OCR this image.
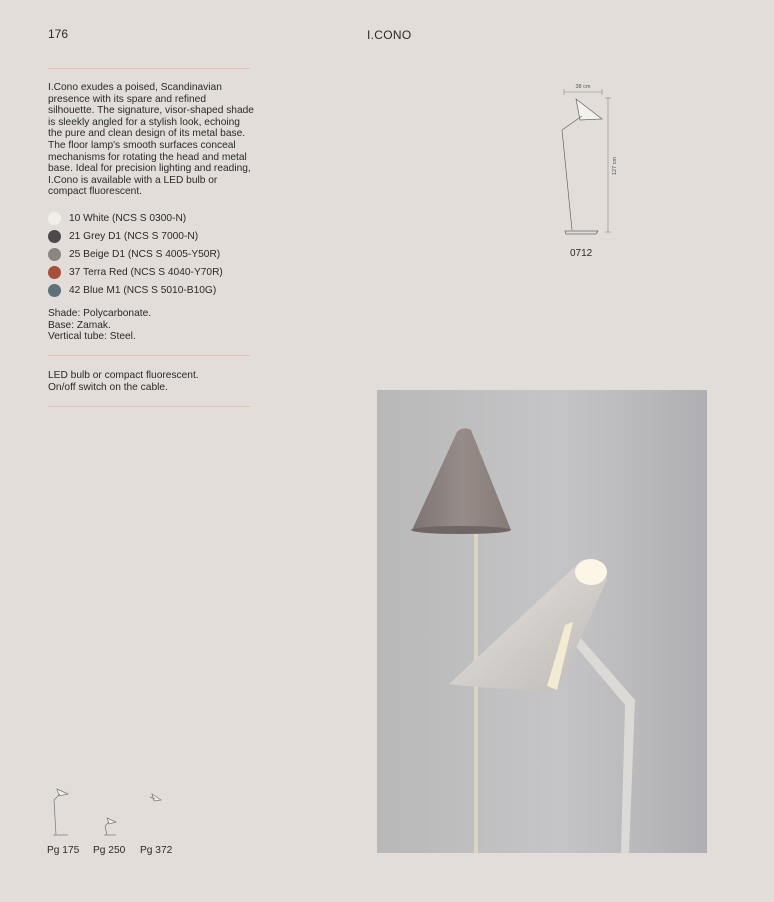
176	I.CONO

I.Cono exudes a poised, Scandinavian presence with its spare and refined silhouette. The signature, visor-shaped shade is sleekly angled for a stylish look, echoing the pure and clean design of its metal base. The floor lamp's smooth surfaces conceal mechanisms for rotating the head and metal base. Ideal for precision lighting and reading, I.Cono is available with a LED bulb or compact fluorescent.

10 White (NCS S 0300-N)
21 Grey D1 (NCS S 7000-N)
25 Beige D1 (NCS S 4005-Y50R)
37 Terra Red (NCS S 4040-Y70R)
42 Blue M1 (NCS S 5010-B10G)
Shade: Polycarbonate.
Base: Zamak.
Vertical tube: Steel.
LED bulb or compact fluorescent.
On/off switch on the cable.
38 cm
127 cm
0712
Pg 175 Pg 250 Pg 372
